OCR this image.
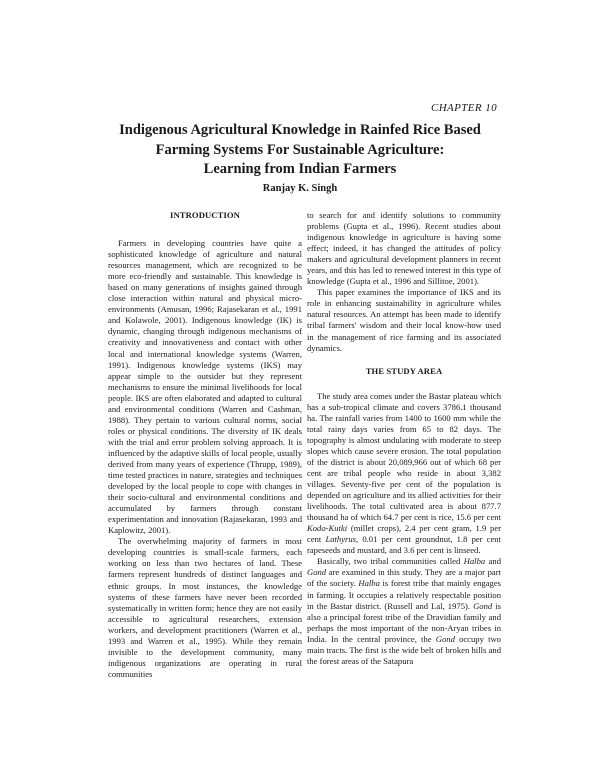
CHAPTER 10
Indigenous Agricultural Knowledge in Rainfed Rice Based
Farming Systems For Sustainable Agriculture:
Learning from Indian Farmers
Ranjay K. Singh
INTRODUCTION

Farmers in developing countries have quite a sophisticated knowledge of agriculture and natural resources management, which are recognized to be more eco-friendly and sustainable. This knowledge is based on many generations of insights gained through close interaction within natural and physical micro-environments (Amusan, 1996; Rajasekaran et al., 1991 and Kolawole, 2001). Indigenous knowledge (IK) is dynamic, changing through indigenous mechanisms of creativity and innovativeness and contact with other local and international knowledge systems (Warren, 1991). Indigenous knowledge systems (IKS) may appear simple to the outsider but they represent mechanisms to ensure the minimal livelihoods for local people. IKS are often elaborated and adapted to cultural and environmental conditions (Warren and Cashman, 1988). They pertain to various cultural norms, social roles or physical conditions. The diversity of IK deals with the trial and error problem solving approach. It is influenced by the adaptive skills of local people, usually derived from many years of experience (Thrupp, 1989), time tested practices in nature, strategies and techniques developed by the local people to cope with changes in their socio-cultural and environmental conditions and accumulated by farmers through constant experimentation and innovation (Rajasekaran, 1993 and Kaplowitz, 2001).

The overwhelming majority of farmers in most developing countries is small-scale farmers, each working on less than two hectares of land. These farmers represent hundreds of distinct languages and ethnic groups. In most instances, the knowledge systems of these farmers have never been recorded systematically in written form; hence they are not easily accessible to agricultural researchers, extension workers, and development practitioners (Warren et al., 1993 and Warren et al., 1995). While they remain invisible to the development community, many indigenous organizations are operating in rural communities

to search for and identify solutions to community problems (Gupta et al., 1996). Recent studies about indigenous knowledge in agriculture is having some effect; indeed, it has changed the attitudes of policy makers and agricultural development planners in recent years, and this has led to renewed interest in this type of knowledge (Gupta et al., 1996 and Sillitoe, 2001).

This paper examines the importance of IKS and its role in enhancing sustainability in agriculture whiles natural resources. An attempt has been made to identify tribal farmers' wisdom and their local know-how used in the management of rice farming and its associated dynamics.

THE STUDY AREA

The study area comes under the Bastar plateau which has a sub-tropical climate and covers 3786.1 thousand ha. The rainfall varies from 1400 to 1600 mm while the total rainy days varies from 65 to 82 days. The topography is almost undulating with moderate to steep slopes which cause severe erosion. The total population of the district is about 20,089,966 out of which 68 per cent are tribal people who reside in about 3,382 villages. Seventy-five per cent of the population is depended on agriculture and its allied activities for their livelihoods. The total cultivated area is about 877.7 thousand ha of which 64.7 per cent is rice, 15.6 per cent Kodo-Kutki (millet crops), 2.4 per cent gram, 1.9 per cent Lathyrus, 0.01 per cent groundnut, 1.8 per cent rapeseeds and mustard, and 3.6 per cent is linseed.

Basically, two tribal communities called Halba and Gond are examined in this study. They are a major part of the society. Halba is forest tribe that mainly engages in farming. It occupies a relatively respectable position in the Bastar district. (Russell and Lal, 1975). Gond is also a principal forest tribe of the Dravidian family and perhaps the most important of the non-Aryan tribes in India. In the central province, the Gond occupy two main tracts. The first is the wide belt of broken hills and the forest areas of the Satapura
